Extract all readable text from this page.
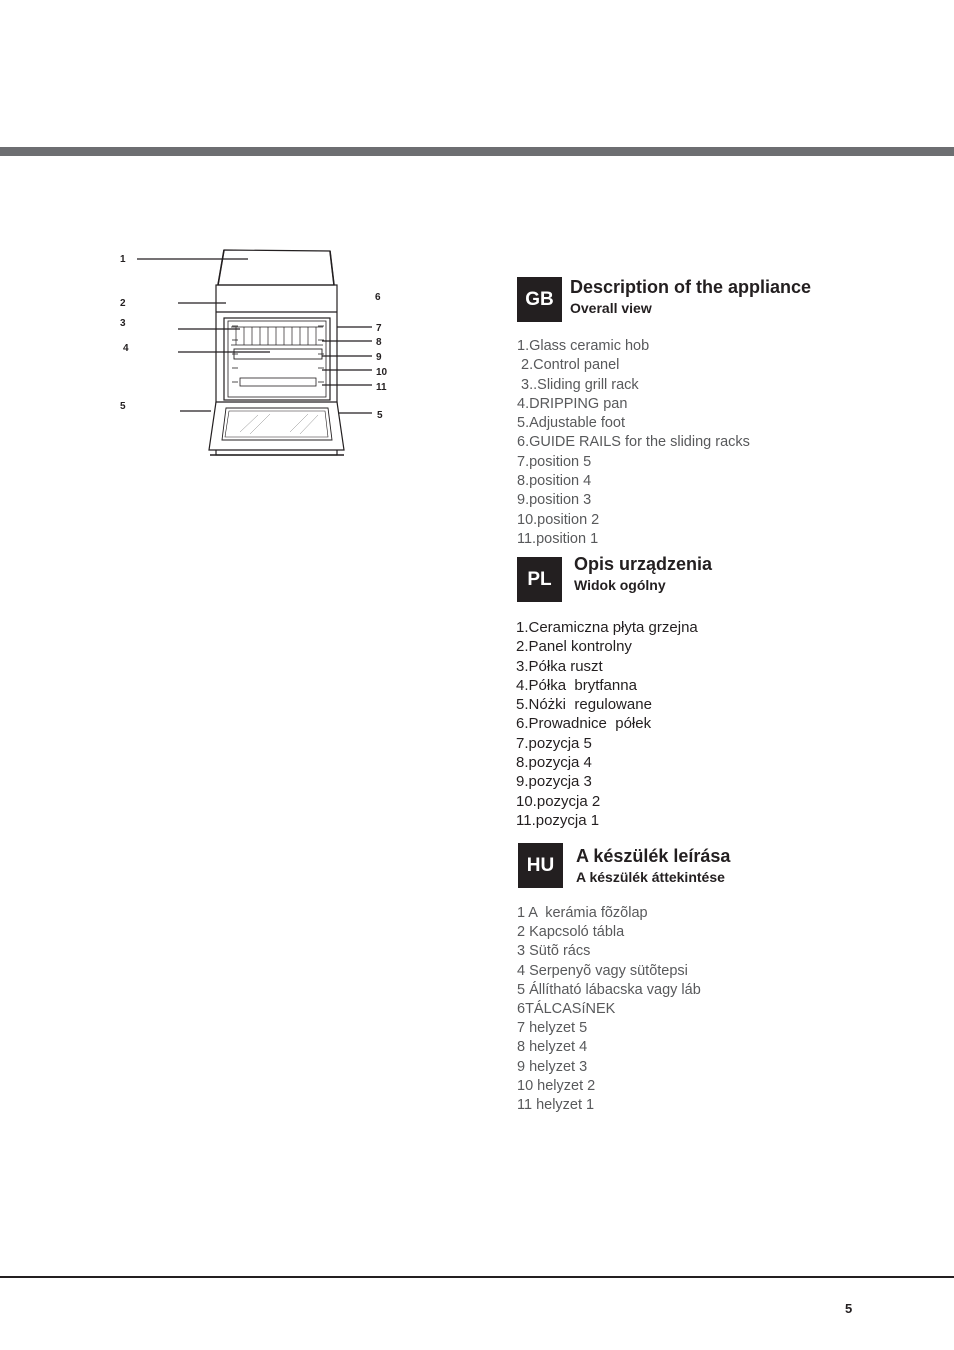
1
2
3
4
5
6
7
8
9
10
11
5
GB
Description of the appliance
Overall view
1.Glass ceramic hob
2.Control panel
3..Sliding grill rack
4.DRIPPING pan
5.Adjustable foot
6.GUIDE RAILS for the sliding racks
7.position 5
8.position 4
9.position 3
10.position 2
11.position 1
PL
Opis urządzenia
Widok ogólny
1.Ceramiczna płyta grzejna
2.Panel kontrolny
3.Półka ruszt
4.Półka  brytfanna
5.Nóżki  regulowane
6.Prowadnice  półek
7.pozycja 5
8.pozycja 4
9.pozycja 3
10.pozycja 2
11.pozycja 1
HU	A készülék leírása
A készülék áttekintése
1 A  kerámia fõzõlap
2 Kapcsoló tábla
3 Sütõ rács
4 Serpenyõ vagy sütõtepsi
5 Állítható lábacska vagy láb
6TÁLCASíNEK
7 helyzet 5
8 helyzet 4
9 helyzet 3
10 helyzet 2
11 helyzet 1
5
